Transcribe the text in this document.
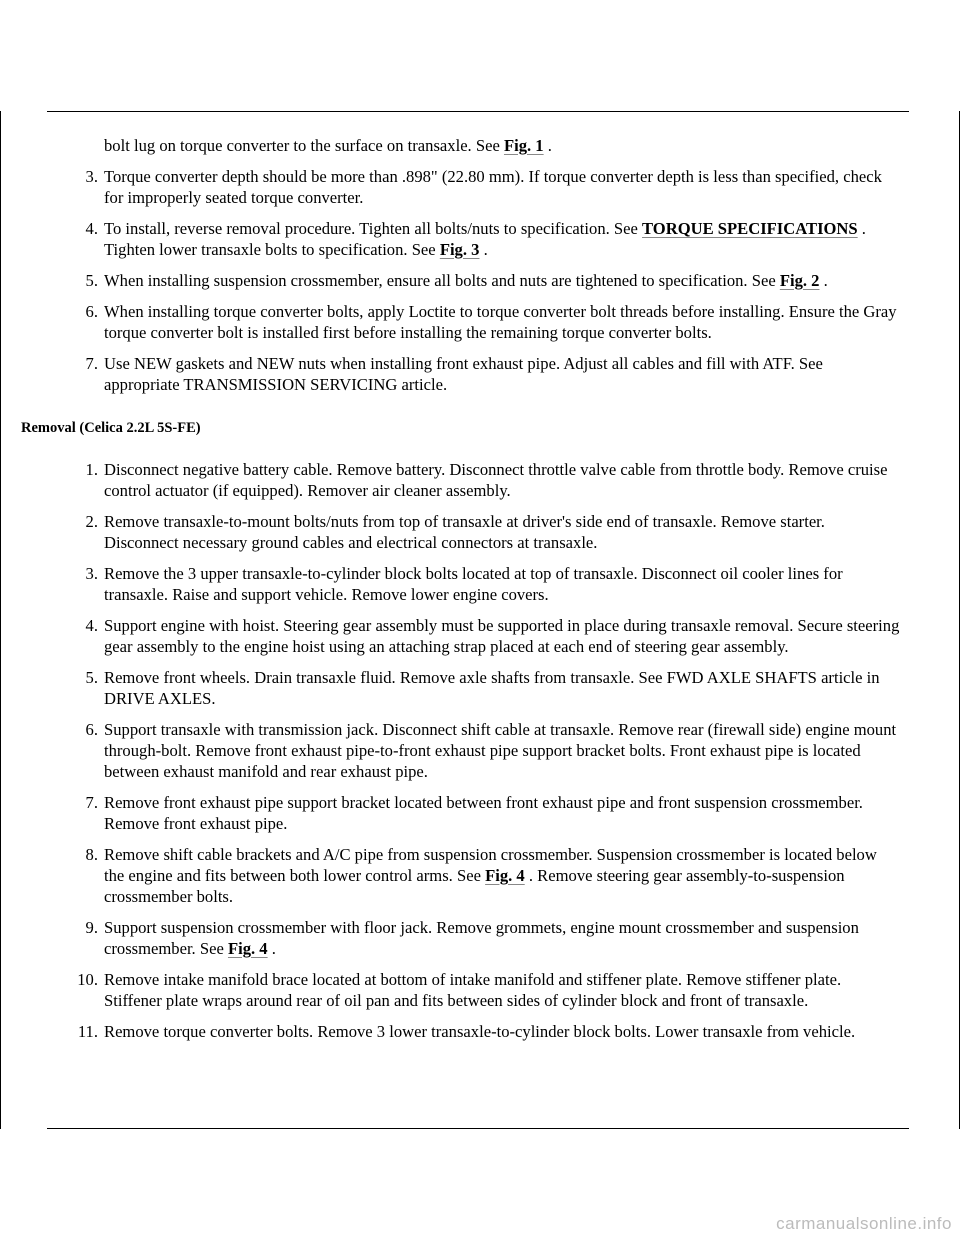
bolt lug on torque converter to the surface on transaxle. See Fig. 1 .

3. Torque converter depth should be more than .898" (22.80 mm). If torque converter depth is less than specified, check for improperly seated torque converter.

4. To install, reverse removal procedure. Tighten all bolts/nuts to specification. See TORQUE SPECIFICATIONS . Tighten lower transaxle bolts to specification. See Fig. 3 .

5. When installing suspension crossmember, ensure all bolts and nuts are tightened to specification. See Fig. 2 .

6. When installing torque converter bolts, apply Loctite to torque converter bolt threads before installing. Ensure the Gray torque converter bolt is installed first before installing the remaining torque converter bolts.

7. Use NEW gaskets and NEW nuts when installing front exhaust pipe. Adjust all cables and fill with ATF. See appropriate TRANSMISSION SERVICING article.

Removal (Celica 2.2L 5S-FE)

1. Disconnect negative battery cable. Remove battery. Disconnect throttle valve cable from throttle body. Remove cruise control actuator (if equipped). Remover air cleaner assembly.

2. Remove transaxle-to-mount bolts/nuts from top of transaxle at driver's side end of transaxle. Remove starter. Disconnect necessary ground cables and electrical connectors at transaxle.

3. Remove the 3 upper transaxle-to-cylinder block bolts located at top of transaxle. Disconnect oil cooler lines for transaxle. Raise and support vehicle. Remove lower engine covers.

4. Support engine with hoist. Steering gear assembly must be supported in place during transaxle removal. Secure steering gear assembly to the engine hoist using an attaching strap placed at each end of steering gear assembly.

5. Remove front wheels. Drain transaxle fluid. Remove axle shafts from transaxle. See FWD AXLE SHAFTS article in DRIVE AXLES.

6. Support transaxle with transmission jack. Disconnect shift cable at transaxle. Remove rear (firewall side) engine mount through-bolt. Remove front exhaust pipe-to-front exhaust pipe support bracket bolts. Front exhaust pipe is located between exhaust manifold and rear exhaust pipe.

7. Remove front exhaust pipe support bracket located between front exhaust pipe and front suspension crossmember. Remove front exhaust pipe.

8. Remove shift cable brackets and A/C pipe from suspension crossmember. Suspension crossmember is located below the engine and fits between both lower control arms. See Fig. 4 . Remove steering gear assembly-to-suspension crossmember bolts.

9. Support suspension crossmember with floor jack. Remove grommets, engine mount crossmember and suspension crossmember. See Fig. 4 .

10. Remove intake manifold brace located at bottom of intake manifold and stiffener plate. Remove stiffener plate. Stiffener plate wraps around rear of oil pan and fits between sides of cylinder block and front of transaxle.

11. Remove torque converter bolts. Remove 3 lower transaxle-to-cylinder block bolts. Lower transaxle from vehicle.

carmanualsonline.info
